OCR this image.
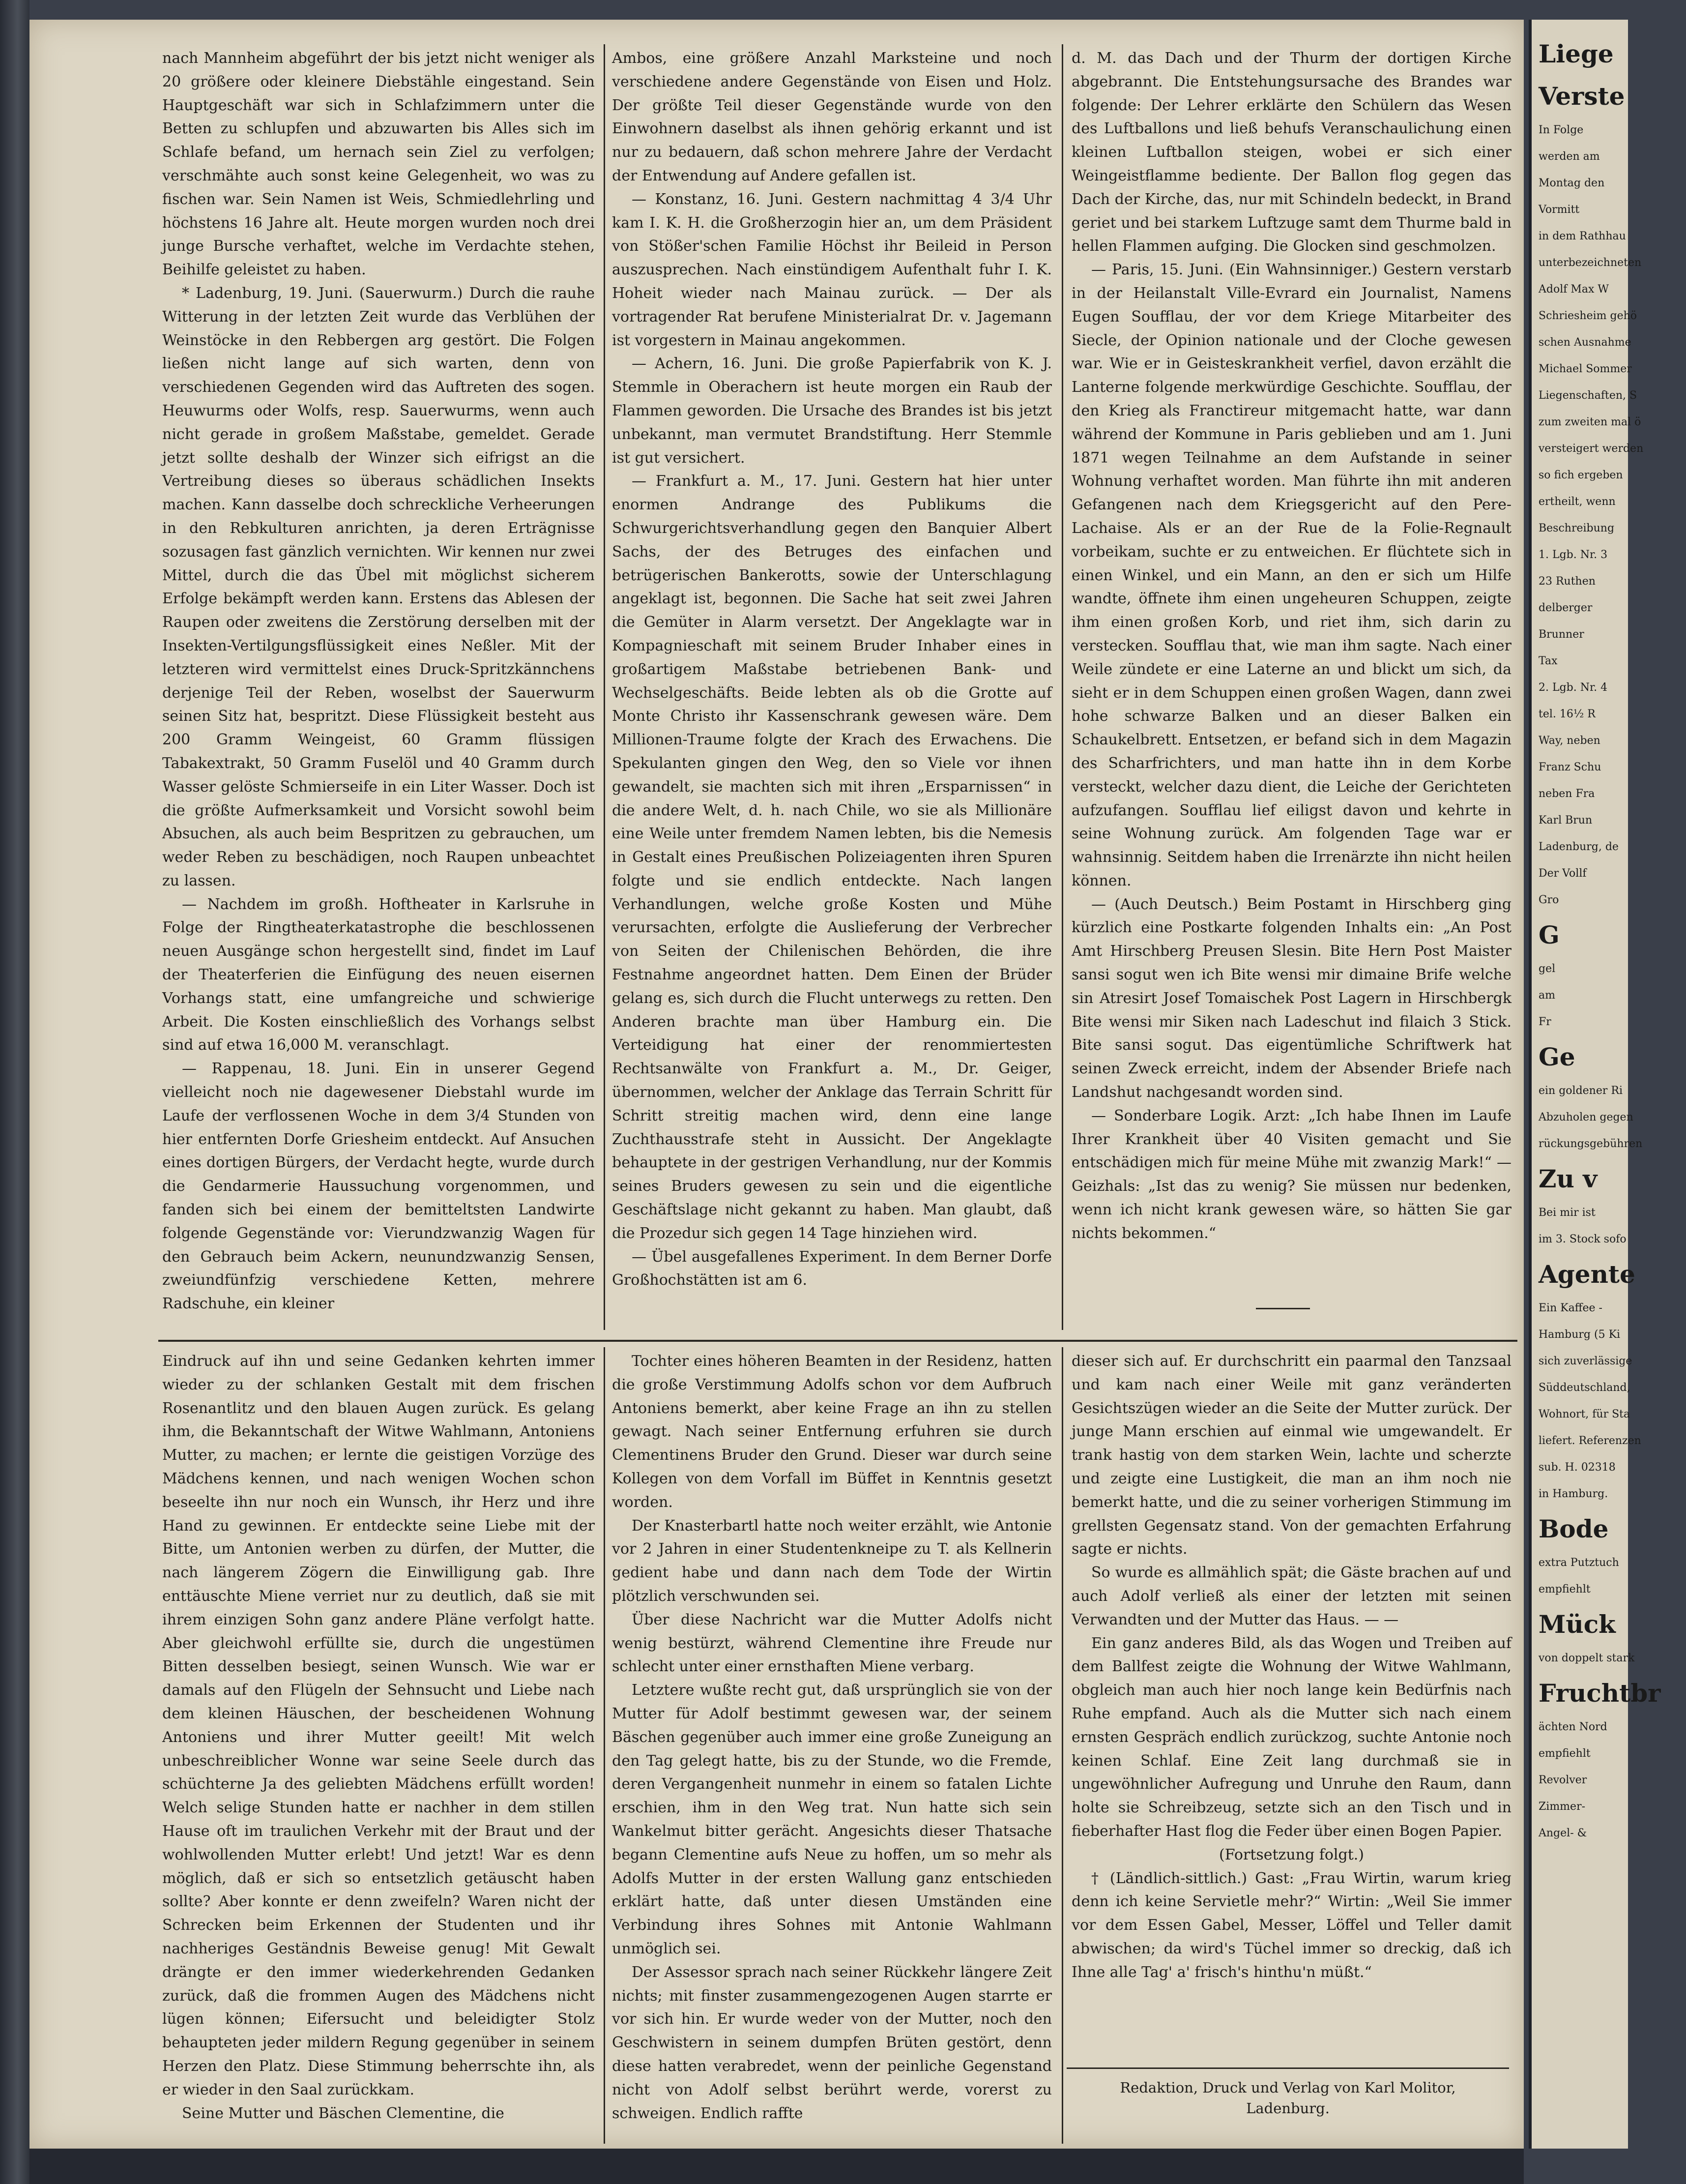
nach Mannheim abgeführt der bis jetzt nicht weniger als 20 größere oder kleinere Diebstähle eingestand. Sein Hauptgeschäft war sich in Schlafzimmern unter die Betten zu schlupfen und abzuwarten bis Alles sich im Schlafe befand, um hernach sein Ziel zu verfolgen; verschmähte auch sonst keine Gelegenheit, wo was zu fischen war. Sein Namen ist Weis, Schmiedlehrling und höchstens 16 Jahre alt. Heute morgen wurden noch drei junge Bursche verhaftet, welche im Verdachte stehen, Beihilfe geleistet zu haben.

* Ladenburg, 19. Juni. (Sauerwurm.) Durch die rauhe Witterung in der letzten Zeit wurde das Verblühen der Weinstöcke in den Rebbergen arg gestört. Die Folgen ließen nicht lange auf sich warten, denn von verschiedenen Gegenden wird das Auftreten des sogen. Heuwurms oder Wolfs, resp. Sauerwurms, wenn auch nicht gerade in großem Maßstabe, gemeldet. Gerade jetzt sollte deshalb der Winzer sich eifrigst an die Vertreibung dieses so überaus schädlichen Insekts machen. Kann dasselbe doch schreckliche Verheerungen in den Rebkulturen anrichten, ja deren Erträgnisse sozusagen fast gänzlich vernichten. Wir kennen nur zwei Mittel, durch die das Übel mit möglichst sicherem Erfolge bekämpft werden kann. Erstens das Ablesen der Raupen oder zweitens die Zerstörung derselben mit der Insekten-Vertilgungsflüssigkeit eines Neßler. Mit der letzteren wird vermittelst eines Druck-Spritzkännchens derjenige Teil der Reben, woselbst der Sauerwurm seinen Sitz hat, bespritzt. Diese Flüssigkeit besteht aus 200 Gramm Weingeist, 60 Gramm flüssigen Tabakextrakt, 50 Gramm Fuselöl und 40 Gramm durch Wasser gelöste Schmierseife in ein Liter Wasser. Doch ist die größte Aufmerksamkeit und Vorsicht sowohl beim Absuchen, als auch beim Bespritzen zu gebrauchen, um weder Reben zu beschädigen, noch Raupen unbeachtet zu lassen.

— Nachdem im großh. Hoftheater in Karlsruhe in Folge der Ringtheaterkatastrophe die beschlossenen neuen Ausgänge schon hergestellt sind, findet im Lauf der Theaterferien die Einfügung des neuen eisernen Vorhangs statt, eine umfangreiche und schwierige Arbeit. Die Kosten einschließlich des Vorhangs selbst sind auf etwa 16,000 M. veranschlagt.

— Rappenau, 18. Juni. Ein in unserer Gegend vielleicht noch nie dagewesener Diebstahl wurde im Laufe der verflossenen Woche in dem 3/4 Stunden von hier entfernten Dorfe Griesheim entdeckt. Auf Ansuchen eines dortigen Bürgers, der Verdacht hegte, wurde durch die Gendarmerie Haussuchung vorgenommen, und fanden sich bei einem der bemitteltsten Landwirte folgende Gegenstände vor: Vierundzwanzig Wagen für den Gebrauch beim Ackern, neunundzwanzig Sensen, zweiundfünfzig verschiedene Ketten, mehrere Radschuhe, ein kleiner

Ambos, eine größere Anzahl Marksteine und noch verschiedene andere Gegenstände von Eisen und Holz. Der größte Teil dieser Gegenstände wurde von den Einwohnern daselbst als ihnen gehörig erkannt und ist nur zu bedauern, daß schon mehrere Jahre der Verdacht der Entwendung auf Andere gefallen ist.

— Konstanz, 16. Juni. Gestern nachmittag 4 3/4 Uhr kam I. K. H. die Großherzogin hier an, um dem Präsident von Stößer'schen Familie Höchst ihr Beileid in Person auszusprechen. Nach einstündigem Aufenthalt fuhr I. K. Hoheit wieder nach Mainau zurück. — Der als vortragender Rat berufene Ministerialrat Dr. v. Jagemann ist vorgestern in Mainau angekommen.

— Achern, 16. Juni. Die große Papierfabrik von K. J. Stemmle in Oberachern ist heute morgen ein Raub der Flammen geworden. Die Ursache des Brandes ist bis jetzt unbekannt, man vermutet Brandstiftung. Herr Stemmle ist gut versichert.

— Frankfurt a. M., 17. Juni. Gestern hat hier unter enormen Andrange des Publikums die Schwurgerichtsverhandlung gegen den Banquier Albert Sachs, der des Betruges des einfachen und betrügerischen Bankerotts, sowie der Unterschlagung angeklagt ist, begonnen. Die Sache hat seit zwei Jahren die Gemüter in Alarm versetzt. Der Angeklagte war in Kompagnieschaft mit seinem Bruder Inhaber eines in großartigem Maßstabe betriebenen Bank- und Wechselgeschäfts. Beide lebten als ob die Grotte auf Monte Christo ihr Kassenschrank gewesen wäre. Dem Millionen-Traume folgte der Krach des Erwachens. Die Spekulanten gingen den Weg, den so Viele vor ihnen gewandelt, sie machten sich mit ihren „Ersparnissen“ in die andere Welt, d. h. nach Chile, wo sie als Millionäre eine Weile unter fremdem Namen lebten, bis die Nemesis in Gestalt eines Preußischen Polizeiagenten ihren Spuren folgte und sie endlich entdeckte. Nach langen Verhandlungen, welche große Kosten und Mühe verursachten, erfolgte die Auslieferung der Verbrecher von Seiten der Chilenischen Behörden, die ihre Festnahme angeordnet hatten. Dem Einen der Brüder gelang es, sich durch die Flucht unterwegs zu retten. Den Anderen brachte man über Hamburg ein. Die Verteidigung hat einer der renommiertesten Rechtsanwälte von Frankfurt a. M., Dr. Geiger, übernommen, welcher der Anklage das Terrain Schritt für Schritt streitig machen wird, denn eine lange Zuchthausstrafe steht in Aussicht. Der Angeklagte behauptete in der gestrigen Verhandlung, nur der Kommis seines Bruders gewesen zu sein und die eigentliche Geschäftslage nicht gekannt zu haben. Man glaubt, daß die Prozedur sich gegen 14 Tage hinziehen wird.

— Übel ausgefallenes Experiment. In dem Berner Dorfe Großhochstätten ist am 6.

d. M. das Dach und der Thurm der dortigen Kirche abgebrannt. Die Entstehungsursache des Brandes war folgende: Der Lehrer erklärte den Schülern das Wesen des Luftballons und ließ behufs Veranschaulichung einen kleinen Luftballon steigen, wobei er sich einer Weingeistflamme bediente. Der Ballon flog gegen das Dach der Kirche, das, nur mit Schindeln bedeckt, in Brand geriet und bei starkem Luftzuge samt dem Thurme bald in hellen Flammen aufging. Die Glocken sind geschmolzen.

— Paris, 15. Juni. (Ein Wahnsinniger.) Gestern verstarb in der Heilanstalt Ville-Evrard ein Journalist, Namens Eugen Soufflau, der vor dem Kriege Mitarbeiter des Siecle, der Opinion nationale und der Cloche gewesen war. Wie er in Geisteskrankheit verfiel, davon erzählt die Lanterne folgende merkwürdige Geschichte. Soufflau, der den Krieg als Franctireur mitgemacht hatte, war dann während der Kommune in Paris geblieben und am 1. Juni 1871 wegen Teilnahme an dem Aufstande in seiner Wohnung verhaftet worden. Man führte ihn mit anderen Gefangenen nach dem Kriegsgericht auf den Pere-Lachaise. Als er an der Rue de la Folie-Regnault vorbeikam, suchte er zu entweichen. Er flüchtete sich in einen Winkel, und ein Mann, an den er sich um Hilfe wandte, öffnete ihm einen ungeheuren Schuppen, zeigte ihm einen großen Korb, und riet ihm, sich darin zu verstecken. Soufflau that, wie man ihm sagte. Nach einer Weile zündete er eine Laterne an und blickt um sich, da sieht er in dem Schuppen einen großen Wagen, dann zwei hohe schwarze Balken und an dieser Balken ein Schaukelbrett. Entsetzen, er befand sich in dem Magazin des Scharfrichters, und man hatte ihn in dem Korbe versteckt, welcher dazu dient, die Leiche der Gerichteten aufzufangen. Soufflau lief eiligst davon und kehrte in seine Wohnung zurück. Am folgenden Tage war er wahnsinnig. Seitdem haben die Irrenärzte ihn nicht heilen können.

— (Auch Deutsch.) Beim Postamt in Hirschberg ging kürzlich eine Postkarte folgenden Inhalts ein: „An Post Amt Hirschberg Preusen Slesin. Bite Hern Post Maister sansi sogut wen ich Bite wensi mir dimaine Brife welche sin Atresirt Josef Tomaischek Post Lagern in Hirschbergk Bite wensi mir Siken nach Ladeschut ind filaich 3 Stick. Bite sansi sogut. Das eigentümliche Schriftwerk hat seinen Zweck erreicht, indem der Absender Briefe nach Landshut nachgesandt worden sind.

— Sonderbare Logik. Arzt: „Ich habe Ihnen im Laufe Ihrer Krankheit über 40 Visiten gemacht und Sie entschädigen mich für meine Mühe mit zwanzig Mark!“ — Geizhals: „Ist das zu wenig? Sie müssen nur bedenken, wenn ich nicht krank gewesen wäre, so hätten Sie gar nichts bekommen.“

Eindruck auf ihn und seine Gedanken kehrten immer wieder zu der schlanken Gestalt mit dem frischen Rosenantlitz und den blauen Augen zurück. Es gelang ihm, die Bekanntschaft der Witwe Wahlmann, Antoniens Mutter, zu machen; er lernte die geistigen Vorzüge des Mädchens kennen, und nach wenigen Wochen schon beseelte ihn nur noch ein Wunsch, ihr Herz und ihre Hand zu gewinnen. Er entdeckte seine Liebe mit der Bitte, um Antonien werben zu dürfen, der Mutter, die nach längerem Zögern die Einwilligung gab. Ihre enttäuschte Miene verriet nur zu deutlich, daß sie mit ihrem einzigen Sohn ganz andere Pläne verfolgt hatte. Aber gleichwohl erfüllte sie, durch die ungestümen Bitten desselben besiegt, seinen Wunsch. Wie war er damals auf den Flügeln der Sehnsucht und Liebe nach dem kleinen Häuschen, der bescheidenen Wohnung Antoniens und ihrer Mutter geeilt! Mit welch unbeschreiblicher Wonne war seine Seele durch das schüchterne Ja des geliebten Mädchens erfüllt worden! Welch selige Stunden hatte er nachher in dem stillen Hause oft im traulichen Verkehr mit der Braut und der wohlwollenden Mutter erlebt! Und jetzt! War es denn möglich, daß er sich so entsetzlich getäuscht haben sollte? Aber konnte er denn zweifeln? Waren nicht der Schrecken beim Erkennen der Studenten und ihr nachheriges Geständnis Beweise genug! Mit Gewalt drängte er den immer wiederkehrenden Gedanken zurück, daß die frommen Augen des Mädchens nicht lügen können; Eifersucht und beleidigter Stolz behaupteten jeder mildern Regung gegenüber in seinem Herzen den Platz. Diese Stimmung beherrschte ihn, als er wieder in den Saal zurückkam.

Seine Mutter und Bäschen Clementine, die

Tochter eines höheren Beamten in der Residenz, hatten die große Verstimmung Adolfs schon vor dem Aufbruch Antoniens bemerkt, aber keine Frage an ihn zu stellen gewagt. Nach seiner Entfernung erfuhren sie durch Clementinens Bruder den Grund. Dieser war durch seine Kollegen von dem Vorfall im Büffet in Kenntnis gesetzt worden.

Der Knasterbartl hatte noch weiter erzählt, wie Antonie vor 2 Jahren in einer Studentenkneipe zu T. als Kellnerin gedient habe und dann nach dem Tode der Wirtin plötzlich verschwunden sei.

Über diese Nachricht war die Mutter Adolfs nicht wenig bestürzt, während Clementine ihre Freude nur schlecht unter einer ernsthaften Miene verbarg.

Letztere wußte recht gut, daß ursprünglich sie von der Mutter für Adolf bestimmt gewesen war, der seinem Bäschen gegenüber auch immer eine große Zuneigung an den Tag gelegt hatte, bis zu der Stunde, wo die Fremde, deren Vergangenheit nunmehr in einem so fatalen Lichte erschien, ihm in den Weg trat. Nun hatte sich sein Wankelmut bitter gerächt. Angesichts dieser Thatsache begann Clementine aufs Neue zu hoffen, um so mehr als Adolfs Mutter in der ersten Wallung ganz entschieden erklärt hatte, daß unter diesen Umständen eine Verbindung ihres Sohnes mit Antonie Wahlmann unmöglich sei.

Der Assessor sprach nach seiner Rückkehr längere Zeit nichts; mit finster zusammengezogenen Augen starrte er vor sich hin. Er wurde weder von der Mutter, noch den Geschwistern in seinem dumpfen Brüten gestört, denn diese hatten verabredet, wenn der peinliche Gegenstand nicht von Adolf selbst berührt werde, vorerst zu schweigen. Endlich raffte

dieser sich auf. Er durchschritt ein paarmal den Tanzsaal und kam nach einer Weile mit ganz veränderten Gesichtszügen wieder an die Seite der Mutter zurück. Der junge Mann erschien auf einmal wie umgewandelt. Er trank hastig von dem starken Wein, lachte und scherzte und zeigte eine Lustigkeit, die man an ihm noch nie bemerkt hatte, und die zu seiner vorherigen Stimmung im grellsten Gegensatz stand. Von der gemachten Erfahrung sagte er nichts.

So wurde es allmählich spät; die Gäste brachen auf und auch Adolf verließ als einer der letzten mit seinen Verwandten und der Mutter das Haus. — —

Ein ganz anderes Bild, als das Wogen und Treiben auf dem Ballfest zeigte die Wohnung der Witwe Wahlmann, obgleich man auch hier noch lange kein Bedürfnis nach Ruhe empfand. Auch als die Mutter sich nach einem ernsten Gespräch endlich zurückzog, suchte Antonie noch keinen Schlaf. Eine Zeit lang durchmaß sie in ungewöhnlicher Aufregung und Unruhe den Raum, dann holte sie Schreibzeug, setzte sich an den Tisch und in fieberhafter Hast flog die Feder über einen Bogen Papier.

(Fortsetzung folgt.)

† (Ländlich-sittlich.) Gast: „Frau Wirtin, warum krieg denn ich keine Servietle mehr?“ Wirtin: „Weil Sie immer vor dem Essen Gabel, Messer, Löffel und Teller damit abwischen; da wird's Tüchel immer so dreckig, daß ich Ihne alle Tag' a' frisch's hinthu'n müßt.“

Redaktion, Druck und Verlag von Karl Molitor,
Ladenburg.
Liege
Verste
In Folge
werden am
Montag den
Vormitt
in dem Rathhau
unterbezeichneten
Adolf Max W
Schriesheim gehö
schen Ausnahme
Michael Sommer
Liegenschaften, S
zum zweiten mal ö
versteigert werden
so fich ergeben
ertheilt, wenn
Beschreibung
1. Lgb. Nr. 3
23 Ruthen
delberger
Brunner
Tax
2. Lgb. Nr. 4
tel. 16½ R
Way, neben
Franz Schu
neben Fra
Karl Brun
Ladenburg, de
Der Vollf
Gro
G
gel
am
Fr
Ge
ein goldener Ri
Abzuholen gegen
rückungsgebühren
Zu v
Bei mir ist
im 3. Stock sofo
Agente
Ein Kaffee -
Hamburg (5 Ki
sich zuverlässige
Süddeutschland,
Wohnort, für Sta
liefert. Referenzen
sub. H. 02318
in Hamburg.
Bode
extra Putztuch
empfiehlt
Mück
von doppelt stark
Fruchtbr
ächten Nord
empfiehlt
Revolver
Zimmer-
Angel- &
